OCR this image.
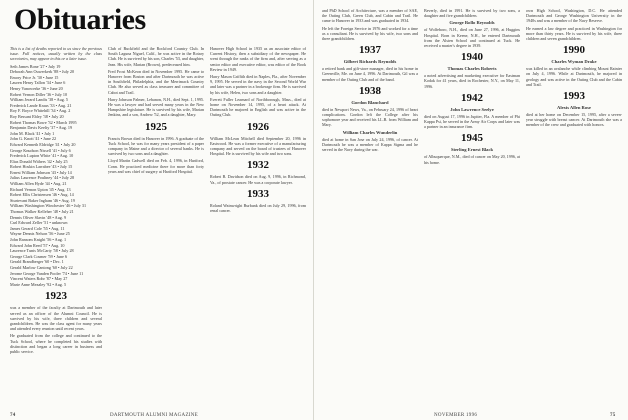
Obituaries

This is a list of deaths reported to us since the previous issue. Full notices, usually written by the class secretaries, may appear in this or a later issue.

Seth James Bone '27 • July 19
Deborah Ann Ouwerkerk '88 • July 20
Emory Price Jr. '30 • June 15
Lauren Henry Tallon '34 • June 6
Henry Vanowerke '36 • June 20
Robert Vernon Diller '36 • July 10
William Jerard Landis '38 • Aug. 5
Frederick Lande Kraus '33 • Aug. 21
Roy F. Boyce Whitehill '34 • Aug. 2
Roy Bessant Ebley '38 • July 20
Robert Thomas Bowe '32 • March 1995
Benjamin Davis Keelty '37 • Aug. 19
John M. Black '41 • July 1
John G. Knott '41 • June 22
Edward Kenneth Eldridge '41 • July 20
George Knudson Nissell '41 • July 6
Frederick Lupton White '41 • Aug. 10
Elias Donald Withers '42 • July 25
Robert Hoskin Larrabee '43 • July 15
Ernest William Johnson '43 • July 14
Julius Laurence Poultney '44 • July 28
William Allen Hyde '44 • Aug. 21
Richard Vernon Upton '45 • Aug. 13
Robert Ellis Christensen '46 • Aug. 14
Sturtevant Baker Ingham '46 • Aug. 19
William Washington Winchester '46 • July 31
Thomas Walker Kelleher '48 • July 21
Dennis Oliver Slavin '48 • Aug. 9
Carl Edward Zeller '51 • unknown
James Gerard Cole '55 • Aug. 11
Wayne Dennis Nelson '56 • June 25
John Ransom Knight '56 • Aug. 1
Edward John Reed '57 • Aug. 10
Laurence Tunis McCarty '58 • July 28
George Clark Cosmer '59 • June 6
Gerald Brandberger '60 • Dec. 1
Gerald Marlow Cantong '60 • July 22
Jerome George Vanden Pooler '74 • June 11
Vincent Waters Rohr '87 • May 27
Marie Anne Mezaley '92 • Aug. 5
1923

was a member of the faculty at Dartmouth and later served as an officer of the Alumni Council. He is survived by his wife, three children and several grandchildren. He was the class agent for many years and attended every reunion until recent years.

He graduated from the college and continued to the Tuck School, where he completed his studies with distinction and began a long career in business and public service.

Club of Buckfield and the Rockford Country Club. In South Laguna Niguel, Calif., he was active in the Rotary Club. He is survived by his son, Charles '53, and daughter, Jean. His wife, Marian (Brown), predeceased him.

Fred Frost McKeon died in November 1995. He came to Hanover from Boston and after Dartmouth he was active in Southfield, Philadelphia, and the Merrimack Country Club. He also served as class treasurer and committee of Cabot and Trail.

Harry Johnson Palmer, Lebanon, N.H., died Sept. 1, 1995. He was a lawyer and had served many years in the New Hampshire legislature. He is survived by his wife, Marian Jenkins, and a son, Andrew '52, and a daughter, Mary.

1925

Francis Brown died in Hanover in 1996. A graduate of the Tuck School, he was for many years president of a paper company in Maine and a director of several banks. He is survived by two sons and a daughter.

Lloyd Martin Cadwell died on Feb. 4, 1996, in Hartford, Conn. He practiced medicine there for more than forty years and was chief of surgery at Hartford Hospital.

Hanover High School in 1935 as an associate editor of Current History, then a subsidiary of the newspaper. He went through the ranks of the firm and, after serving as a senior editor and executive editor, was editor of the Book Review in 1949.

Harry Mason Griffith died in Naples, Fla., after November 9, 1995. He served in the navy in the Second World War and later was a partner in a brokerage firm. He is survived by his wife, Helen, two sons and a daughter.

Everett Fuller Learnard of Northborough, Mass., died at home on November 14, 1995, of a heart attack. At Dartmouth he majored in English and was active in the Outing Club.

1926

William McLean Mitchell died September 20, 1996 in Eastwood. He was a former executive of a manufacturing company and served on the board of trustees of Hanover Hospital. He is survived by his wife and two sons.

1932

Robert B. Davidson died on Aug. 9, 1996, in Richmond, Va., of prostate cancer. He was a corporate lawyer.

1933

Roland Wainwright Burbank died on July 29, 1996, from renal cancer.

74	DARTMOUTH ALUMNI MAGAZINE

and PhD School of Architecture, was a member of SAE, the Outing Club, Green Club, and Cabin and Trail. He came to Hanover in 1933 and was graduated in 1934.

He left the Foreign Service in 1976 and worked for a time as a consultant. He is survived by his wife, two sons and three grandchildren.

1937
Gilbert Richards Reynolds

a retired bank and gift-store manager, died in his home in Greenville, Me. on June 4, 1996. At Dartmouth, Gil was a member of the Outing Club and of the band.

1938
Gordon Blanchard

died in Newport News, Va., on February 24, 1996 of heart complications. Gordon left the College after his sophomore year and received his LL.B. from William and Mary.

William Charles Wunderlin

died at home in San Jose on July 24, 1996, of cancer. At Dartmouth he was a member of Kappa Sigma and he served in the Navy during the war.

Beverly, died in 1991. He is survived by two sons, a daughter and five grandchildren.

George Rollo Reynolds

of Wolfeboro, N.H., died on June 27, 1996, at Huggins Hospital. Born in Keene, N.H., he entered Dartmouth from the Alsten School and continued at Tuck. He received a master's degree in 1939.

1940
Thomas Charles Roberts

a noted advertising and marketing executive for Eastman Kodak for 41 years, died in Rochester, N.Y., on May 11, 1996.

1942
John Lawrence Seelye

died on August 17, 1996 in Jupiter, Fla. A member of Phi Kappa Psi, he served in the Army Air Corps and later was a partner in an insurance firm.

1945
Sterling Ernest Black

of Albuquerque, N.M., died of cancer on May 20, 1996, at his home.

own High School, Washington, D.C. He attended Dartmouth and George Washington University in the 1940s and was a member of the Navy Reserve.

He earned a law degree and practiced in Washington for more than thirty years. He is survived by his wife, three children and seven grandchildren.

1990
Charles Wyman Drake

was killed in an avalanche while climbing Mount Rainier on July 4, 1996. While at Dartmouth, he majored in geology and was active in the Outing Club and the Cabin and Trail.

1993
Alexis Allen Rose

died at her home on December 15, 1995, after a seven-year struggle with breast cancer. At Dartmouth she was a member of the crew and graduated with honors.

NOVEMBER 1996	75
